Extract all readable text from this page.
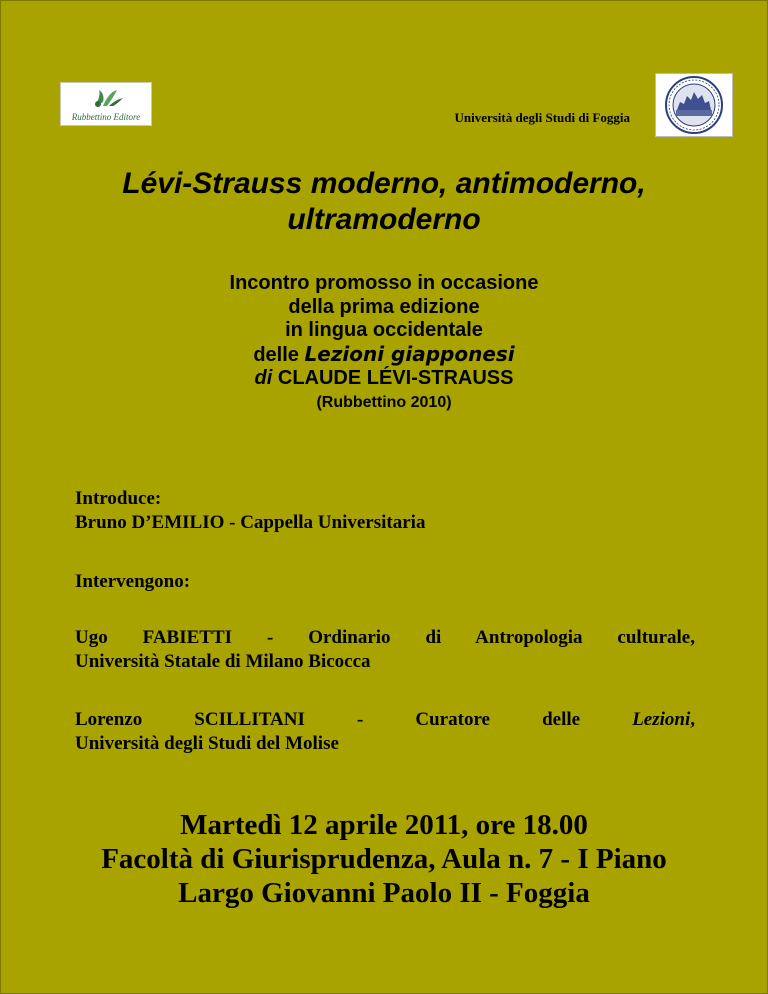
Rubbettino Editore	Università degli Studi di Foggia
Lévi-Strauss moderno, antimoderno,
ultramoderno
Incontro promosso in occasione
della prima edizione
in lingua occidentale
delle Lezioni giapponesi
di CLAUDE LÉVI-STRAUSS
(Rubbettino 2010)
Introduce:
Bruno D’EMILIO - Cappella Universitaria
Intervengono:
Ugo FABIETTI - Ordinario di Antropologia culturale,
Università Statale di Milano Bicocca
Lorenzo SCILLITANI - Curatore delle Lezioni,
Università degli Studi del Molise
Martedì 12 aprile 2011, ore 18.00
Facoltà di Giurisprudenza, Aula n. 7 - I Piano
Largo Giovanni Paolo II - Foggia
